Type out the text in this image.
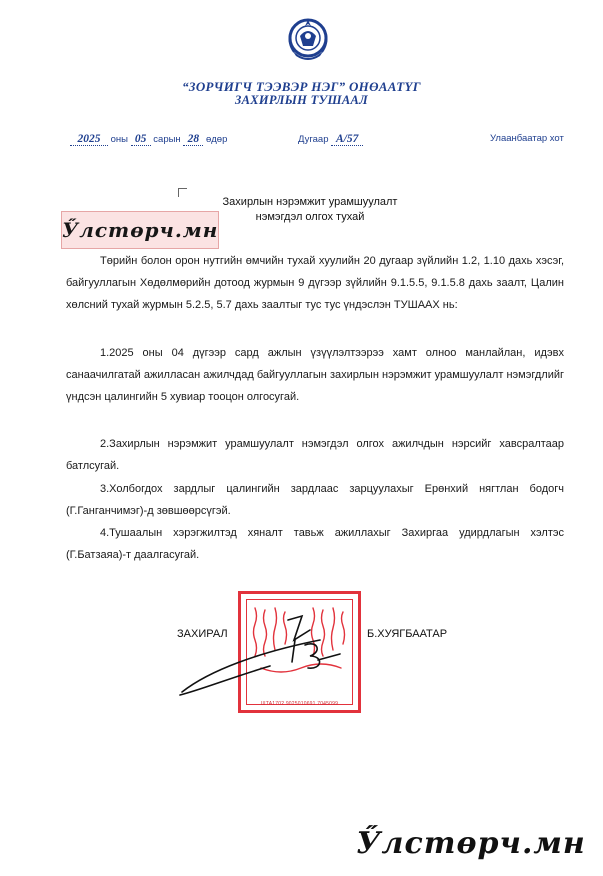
“ЗОРЧИГЧ ТЭЭВЭР НЭГ” ОНӨААТҮГ
ЗАХИРЛЫН ТУШААЛ
2025 оны 05 сарын 28 өдөр	Дугаар А/57	Улаанбаатар хот
Захирлын нэрэмжит урамшуулалт
нэмэгдэл олгох тухай
Ӳлстөрч.мн
Төрийн болон орон нутгийн өмчийн тухай хуулийн 20 дугаар зүйлийн 1.2, 1.10 дахь хэсэг, байгууллагын Хөдөлмөрийн дотоод журмын 9 дүгээр зүйлийн 9.1.5.5, 9.1.5.8 дахь заалт, Цалин хөлсний тухай журмын 5.2.5, 5.7 дахь заалтыг тус тус үндэслэн ТУШААХ нь:
1.2025 оны 04 дүгээр сард ажлын үзүүлэлтээрээ хамт олноо манлайлан, идэвх санаачилгатай ажилласан ажилчдад байгууллагын захирлын нэрэмжит урамшуулалт нэмэгдлийг үндсэн цалингийн 5 хувиар тооцон олгосугай.
2.Захирлын нэрэмжит урамшуулалт нэмэгдэл олгох ажилчдын нэрсийг хавсралтаар батлсугай.
3.Холбогдох зардлыг цалингийн зардлаас зарцуулахыг Ерөнхий нягтлан бодогч (Г.Ганганчимэг)-д зөвшөөрсүгэй.
4.Тушаалын хэрэгжилтэд хяналт тавьж ажиллахыг Захиргаа удирдлагын хэлтэс (Г.Батзаяа)-т даалгасугай.
ШТА1702 9025010691 7045099
ЗАХИРАЛ	Б.ХУЯГБААТАР
Ӳлстөрч.мн
